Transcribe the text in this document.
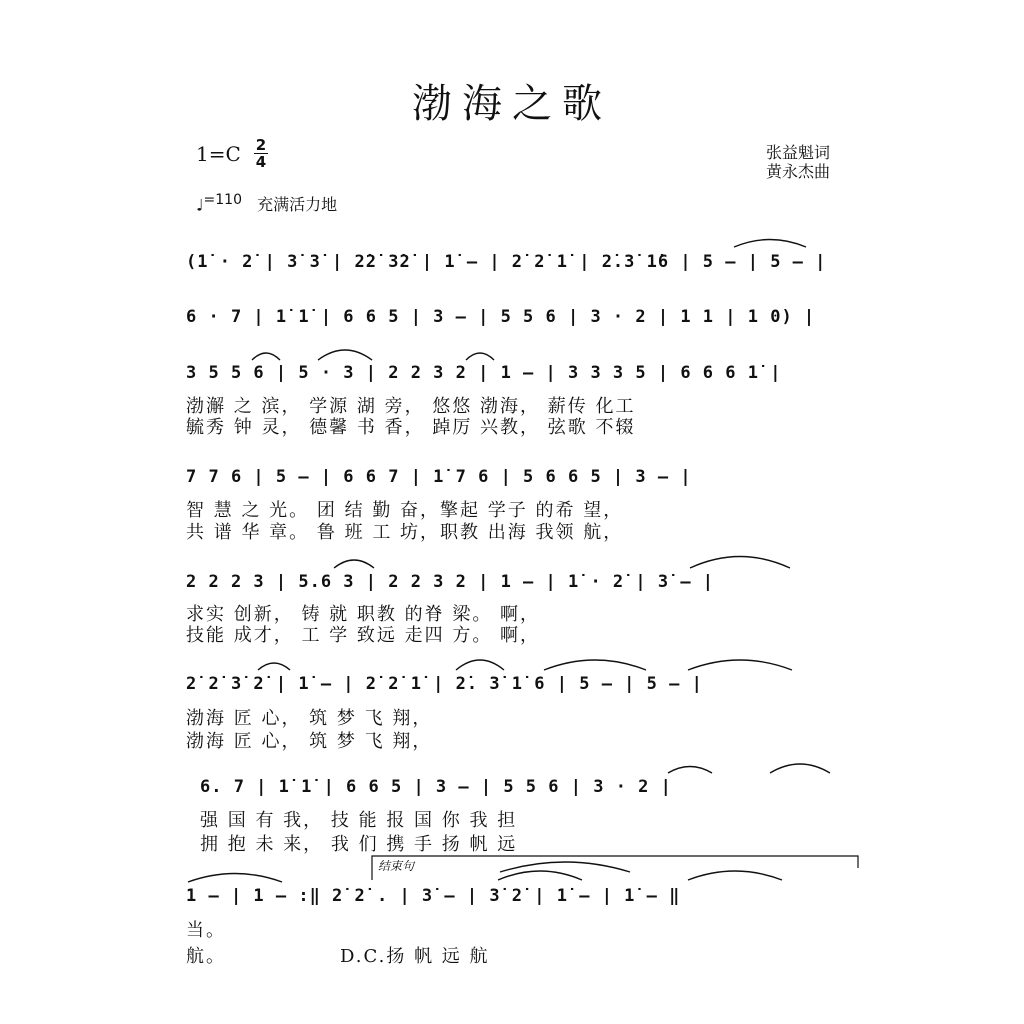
渤海之歌
1=C 2
4	张益魁词
黄永杰曲
♩=110 充满活力地
(1̇ · 2̇ | 3̇ 3̇ | 2̇2̇ 3̇2̇ | 1̇ – | 2̇ 2̇ 1̇ | 2̇.3̇ 1̇6 | 5 – | 5 – |
6 · 7 | 1̇ 1̇ | 6 6 5 | 3 – | 5 5 6 | 3 · 2 | 1 1 | 1 0) |
3 5 5 6 | 5 · 3 | 2 2 3 2 | 1 – | 3 3 3 5 | 6 6 6 1̇ |
渤澥 之 滨， 学源 湖 旁， 悠悠 渤海， 薪传 化工
毓秀 钟 灵， 德馨 书 香， 踔厉 兴教， 弦歌 不辍
7 7 6 | 5 – | 6 6 7 | 1̇ 7 6 | 5 6 6 5 | 3 – |
智 慧 之 光。 团 结 勤 奋，擎起 学子 的希 望，
共 谱 华 章。 鲁 班 工 坊，职教 出海 我领 航，
2 2 2 3 | 5.6 3 | 2 2 3 2 | 1 – | 1̇ · 2̇ | 3̇ – |
求实 创新， 铸 就 职教 的脊 梁。 啊，
技能 成才， 工 学 致远 走四 方。 啊，
2̇ 2̇ 3̇ 2̇ | 1̇ – | 2̇ 2̇ 1̇ | 2̇. 3̇ 1̇ 6 | 5 – | 5 – |
渤海 匠 心， 筑 梦 飞 翔，
渤海 匠 心， 筑 梦 飞 翔，
6. 7 | 1̇ 1̇ | 6 6 5 | 3 – | 5 5 6 | 3 · 2 |
强 国 有 我， 技 能 报 国 你 我 担
拥 抱 未 来， 我 们 携 手 扬 帆 远
结束句
1 – | 1 – :‖ 2̇ 2̇ . | 3̇ – | 3̇ 2̇ | 1̇ – | 1̇ – ‖
当。
航。	D.C.扬 帆 远 航
